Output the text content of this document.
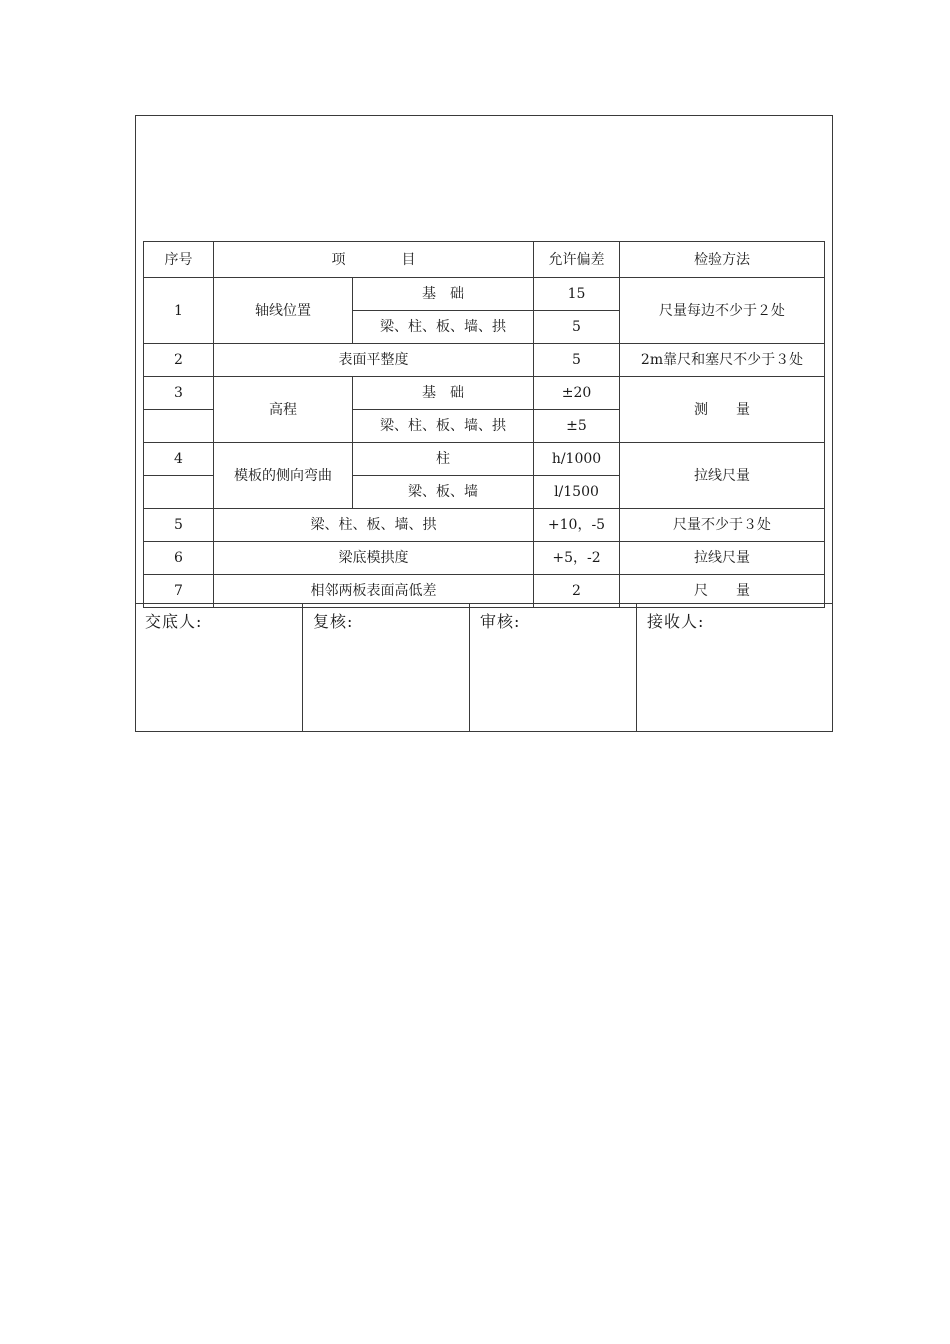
序号	项　　　　目		允许偏差	检验方法
1	轴线位置	基　础	15	尺量每边不少于２处
		梁、柱、板、墙、拱	5	
2	表面平整度		5	2m靠尺和塞尺不少于３处
3	高程	基　础	±20	测　　量
		梁、柱、板、墙、拱	±5	
4	模板的侧向弯曲	柱	h/1000	拉线尺量
		梁、板、墙	l/1500	
5	梁、柱、板、墙、拱		+10，-5	尺量不少于３处
6	梁底模拱度		+5，-2	拉线尺量
7	相邻两板表面高低差		2	尺　　量
交底人:	复核:	审核:	接收人:
